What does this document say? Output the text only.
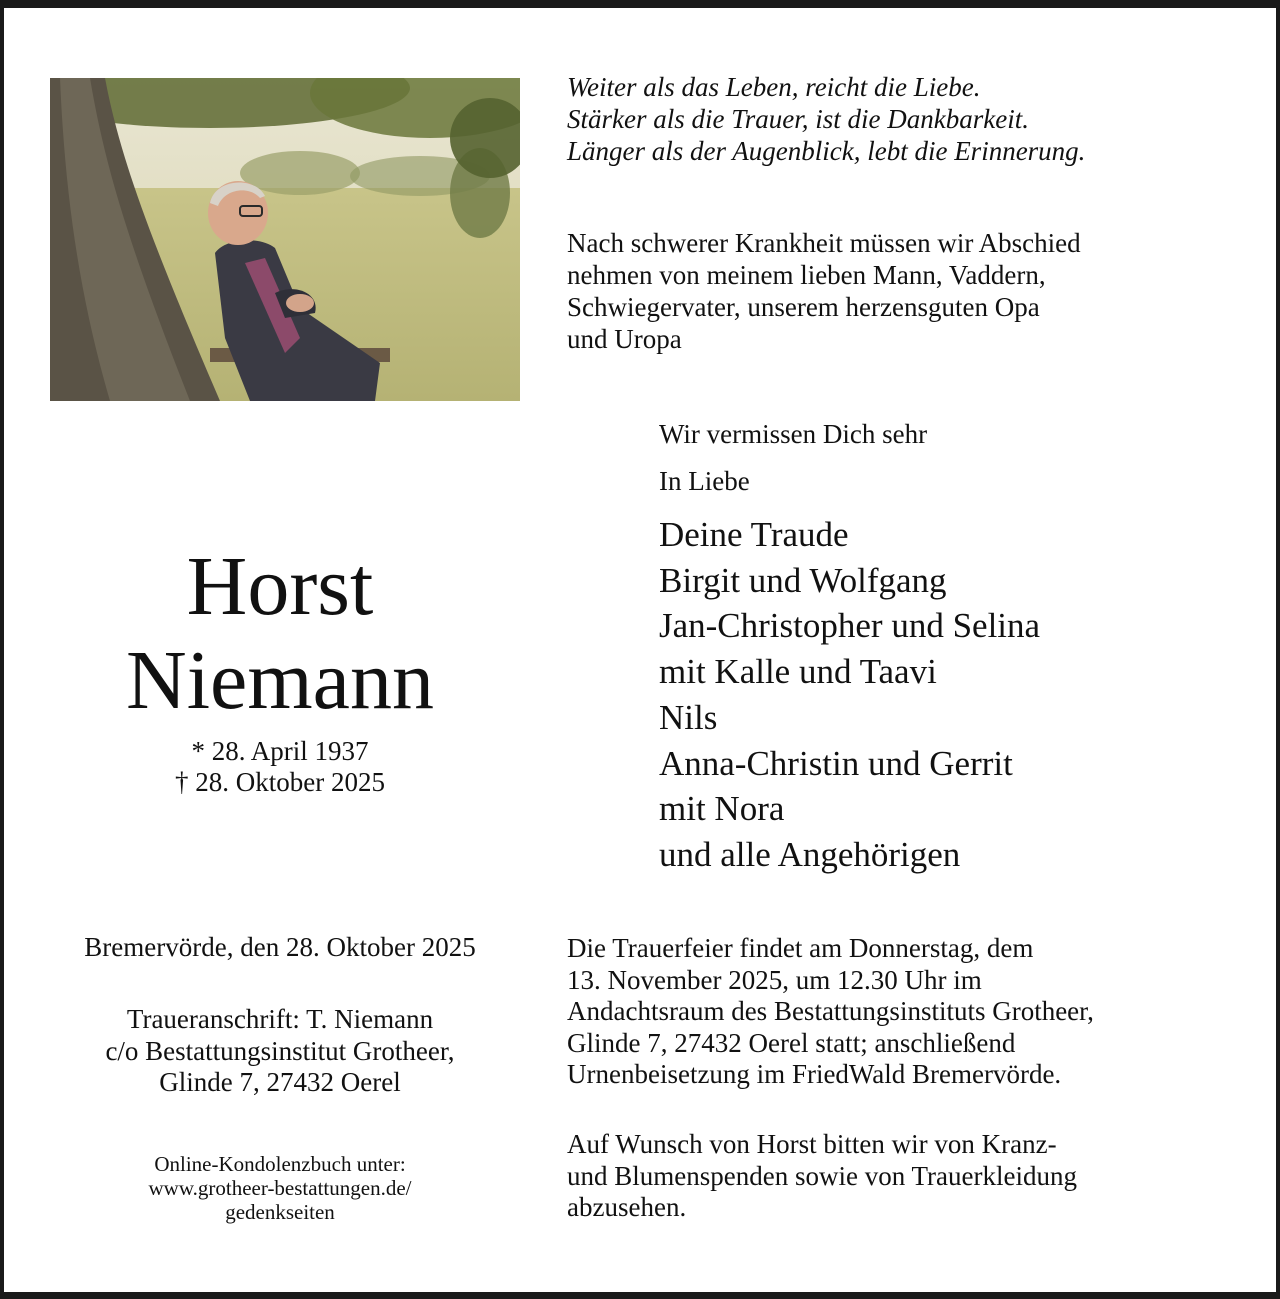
Weiter als das Leben, reicht die Liebe.
Stärker als die Trauer, ist die Dankbarkeit.
Länger als der Augenblick, lebt die Erinnerung.
Nach schwerer Krankheit müssen wir Abschied
nehmen von meinem lieben Mann, Vaddern,
Schwiegervater, unserem herzensguten Opa
und Uropa
Wir vermissen Dich sehr
In Liebe
Deine Traude
Birgit und Wolfgang
Jan-Christopher und Selina
mit Kalle und Taavi
Nils
Anna-Christin und Gerrit
mit Nora
und alle Angehörigen
Horst
Niemann
* 28. April 1937
† 28. Oktober 2025
Bremervörde, den 28. Oktober 2025
Traueranschrift: T. Niemann
c/o Bestattungsinstitut Grotheer,
Glinde 7, 27432 Oerel
Online-Kondolenzbuch unter:
www.grotheer-bestattungen.de/
gedenkseiten
Die Trauerfeier findet am Donnerstag, dem
13. November 2025, um 12.30 Uhr im
Andachtsraum des Bestattungsinstituts Grotheer,
Glinde 7, 27432 Oerel statt; anschließend
Urnenbeisetzung im FriedWald Bremervörde.
Auf Wunsch von Horst bitten wir von Kranz-
und Blumenspenden sowie von Trauerkleidung
abzusehen.
